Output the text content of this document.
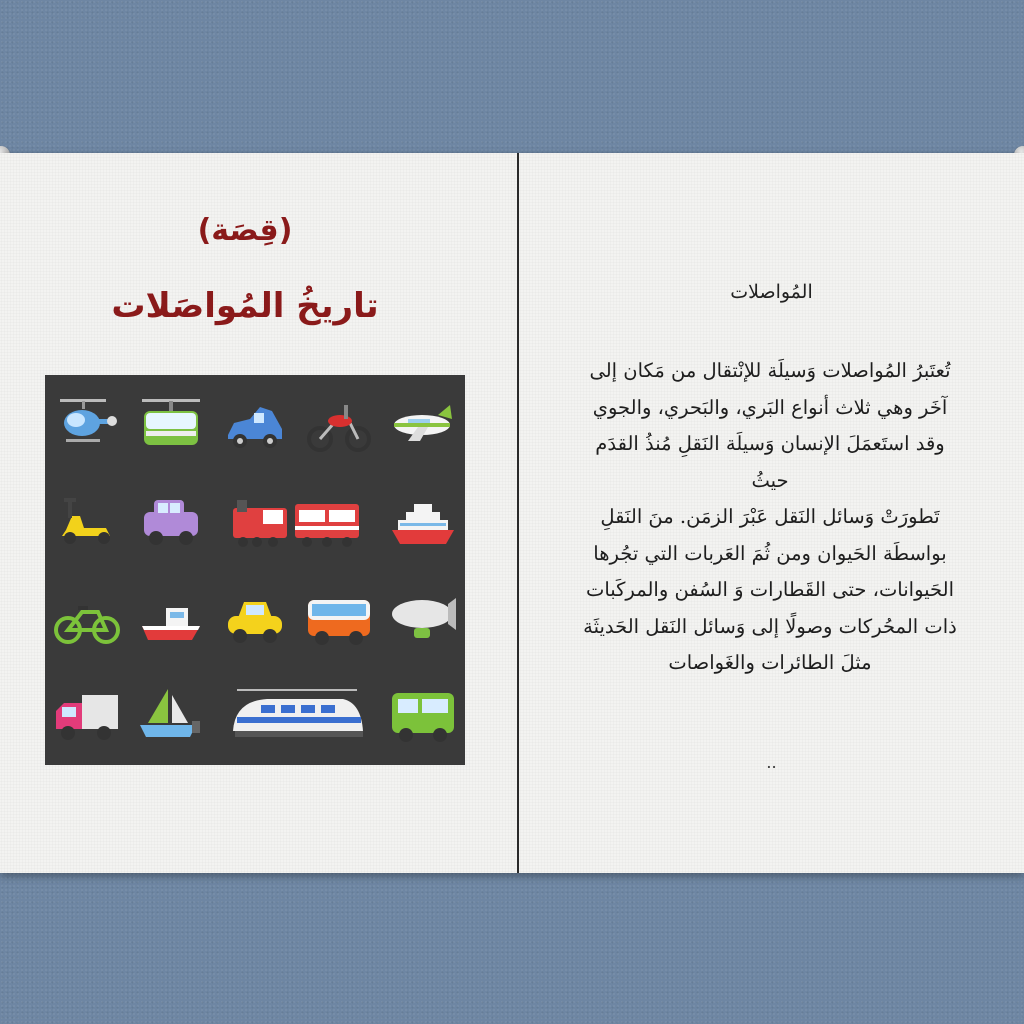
(قِصَة)
تاريخُ المُواصَلات	المُواصلات
تُعتَبرُ المُواصلات وَسيلَة للإنْتقال من مَكان إلى
آخَر وهي ثلاث أنواع البَري، والبَحري، والجوي
وقد استَعمَلَ الإنسان وَسيلَة النَقلِ مُنذُ القدَم
حيثُ
تَطورَتْ وَسائل النَقل عَبْرَ الزمَن. منَ النَقلِ
بواسطَة الحَيوان ومن ثُمَ العَربات التي تجُرها
الحَيوانات، حتى القَطارات وَ السُفن والمركَبات
ذات المحُركات وصولًا إلى وَسائل النَقل الحَديثَة
مثلَ الطائرات والغَواصات
..
